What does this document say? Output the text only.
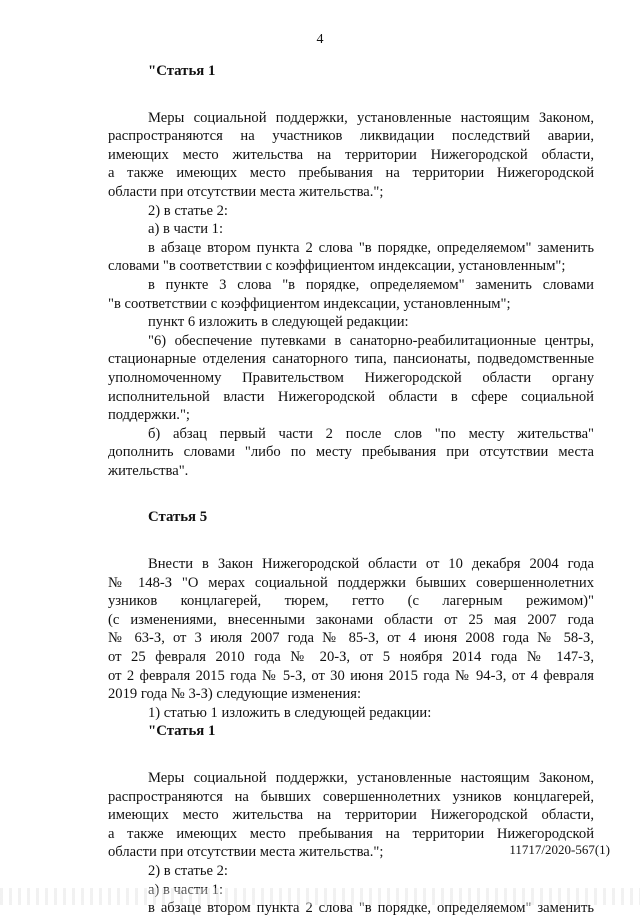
4

"Статья 1

Меры социальной поддержки, установленные настоящим Законом,

распространяются на участников ликвидации последствий аварии,

имеющих место жительства на территории Нижегородской области,

а также имеющих место пребывания на территории Нижегородской

области при отсутствии места жительства.";

2) в статье 2:

а) в части 1:

в абзаце втором пункта 2 слова "в порядке, определяемом" заменить

словами "в соответствии с коэффициентом индексации, установленным";

в пункте 3 слова "в порядке, определяемом" заменить словами

"в соответствии с коэффициентом индексации, установленным";

пункт 6 изложить в следующей редакции:

"6) обеспечение путевками в санаторно-реабилитационные центры,

стационарные отделения санаторного типа, пансионаты, подведомственные

уполномоченному Правительством Нижегородской области органу

исполнительной власти Нижегородской области в сфере социальной

поддержки.";

б) абзац первый части 2 после слов "по месту жительства"

дополнить словами "либо по месту пребывания при отсутствии места

жительства".

Статья 5

Внести в Закон Нижегородской области от 10 декабря 2004 года

№ 148-З "О мерах социальной поддержки бывших совершеннолетних

узников концлагерей, тюрем, гетто (с лагерным режимом)"

(с изменениями, внесенными законами области от 25 мая 2007 года

№ 63-З, от 3 июля 2007 года № 85-З, от 4 июня 2008 года № 58-З,

от 25 февраля 2010 года № 20-З, от 5 ноября 2014 года № 147-З,

от 2 февраля 2015 года № 5-З, от 30 июня 2015 года № 94-З, от 4 февраля

2019 года № 3-З) следующие изменения:

1) статью 1 изложить в следующей редакции:

"Статья 1

Меры социальной поддержки, установленные настоящим Законом,

распространяются на бывших совершеннолетних узников концлагерей,

имеющих место жительства на территории Нижегородской области,

а также имеющих место пребывания на территории Нижегородской

области при отсутствии места жительства.";

2) в статье 2:

а) в части 1:

в абзаце втором пункта 2 слова "в порядке, определяемом" заменить

11717/2020-567(1)
